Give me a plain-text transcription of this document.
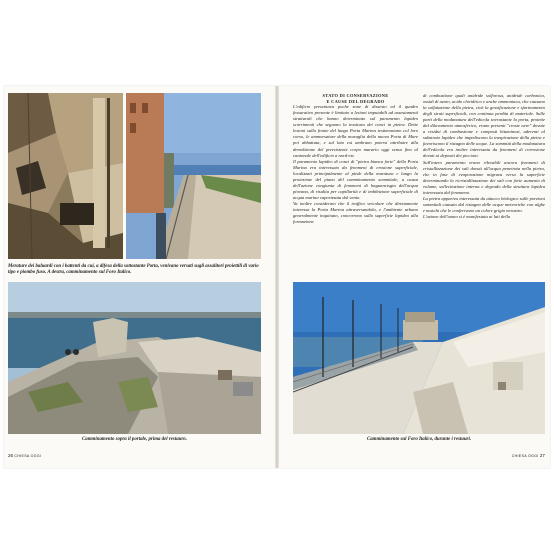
Merature dei baluardi con i battenti da cui, a difesa della sottostante Porta, venivano versati sugli assalitori proiettili di vario tipo e piombo fuso. A destra, camminamento sul Foro Italico.
Camminamento sopra il portale, prima del restauro.
26 CHIESA OGGI

STATO DI CONSERVAZIONE

E CAUSE DEL DEGRADO

L'edificio presentava poche zone di dissesto ed il quadro fessurativo presente è limitato a lesioni imputabili ad assestamenti strutturali che hanno determinato sul paramento lapideo scorrimenti che seguono la tessitura dei conci in pietra. Dette lesioni sulla fronte del lungo Porta Marina testimoniano col loro corso, le ammorsature della muraglia della nuova Porta di Mare poi abbattuta, e sul lato est ambrano potersi attribuire alla demolizione del preesistente corpo murario oggi senso fino al cantonale dell'edificio a nord-est.

Il paramento lapideo di conci di "pietra bianca forte" della Porta Marina era interessato da fenomeni di erosione superficiale, localizzati principalmente al piede della muratura e lungo la proiezione del piano del camminamento sommitale, a causa dell'azione congiunta di fenomeni di baguancisgia dell'acqua piovana, di risalita per capillarità e di imbibizione superficiale di acqua marina vaporizzata dal vento.

Va inoltre considerato che il traffico veicolare che direttamente interessa la Porta Marina attraversandola, e l'ambiente urbano generalmente inquinato, concorrono sulla superficie lapidea alla formazione

di combustione quali anidride solforosa, anidride carbonica, ossidi di azoto, acido cloridrico e anche ammoniaca, che causano la solfatazione della pietra, cioè la gessificazione e sfarinamento degli strati superficiali, con continua perdita di materiale. Sulle parti della modanatura dell'edicola sovrastante la porta, protette dal dilavamento atmosferico, erano presenti "croste nere" dovute a residui di combustione e composti bituminosi, aderenti al substrato lapideo che impediscono la traspirazione della pietra e favoriscono il ristagno delle acque. La sommità della modanatura dell'edicola era inoltre interessata da fenomeni di corrosione dovuti ai depositi dei piccioni.

Sull'intero paramento erano rilevabili ancora fenomeni di cristallizzazione dei sali dovuti all'acqua penetrata nella pietra, che in fase di evaporazione migrava verso la superficie determinando la ricristallizzazione dei sali con forte aumento di volume, sollecitazione interna e degrado della struttura lapidea interessata dal fenomeno.

La pietra appariva interessata da attacco biologico sulle porzioni sommitali causato dal ristagno delle acque meteoriche con alghe e muschi che le conferivano un colore grigio nerastro.

L'azione dell'uomo si è manifestata ai lati della

Camminamento sul Foro Italico, durante i restauri.
CHIESA OGGI 27
